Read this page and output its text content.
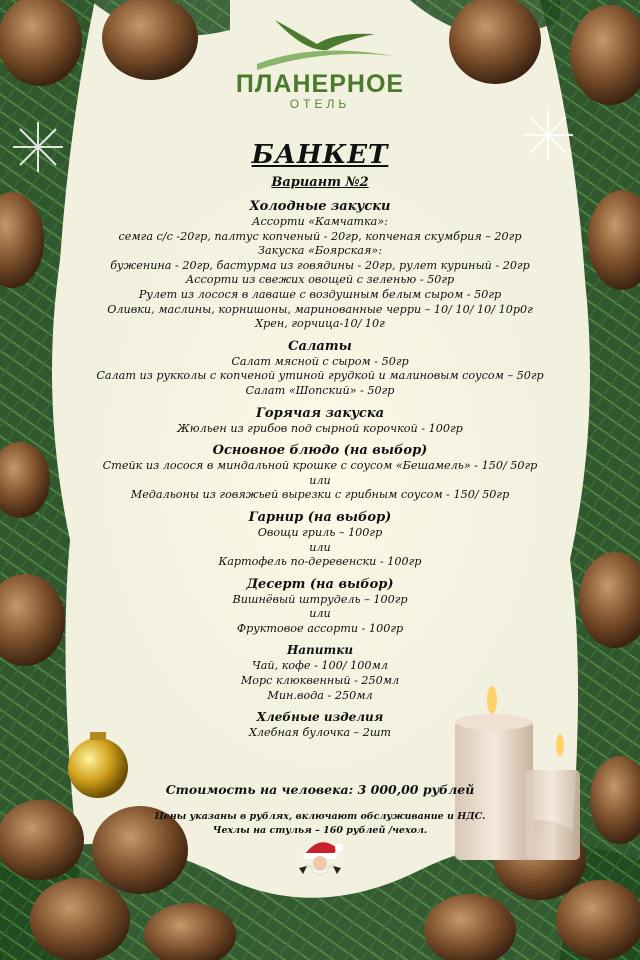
ПЛАНЕРНОЕ
ОТЕЛЬ
БАНКЕТ
Вариант №2
Холодные закуски
Ассорти «Камчатка»:
семга с/с -20гр, палтус копченый - 20гр, копченая скумбрия – 20гр
Закуска «Боярская»:
буженина - 20гр, бастурма из говядины - 20гр, рулет куриный - 20гр
Ассорти из свежих овощей с зеленью - 50гр
Рулет из лосося в лаваше с воздушным белым сыром - 50гр
Оливки, маслины, корнишоны, маринованные черри – 10/ 10/ 10/ 10р0г
Хрен, горчица-10/ 10г
Салаты
Салат мясной с сыром - 50гр
Салат из рукколы с копченой утиной грудкой и малиновым соусом – 50гр
Салат «Шопский» - 50гр
Горячая закуска
Жюльен из грибов под сырной корочкой - 100гр
Основное блюдо (на выбор)
Стейк из лосося в миндальной крошке с соусом «Бешамель» - 150/ 50гр
или
Медальоны из говяжьей вырезки с грибным соусом - 150/ 50гр
Гарнир (на выбор)
Овощи гриль – 100гр
или
Картофель по-деревенски - 100гр
Десерт (на выбор)
Вишнёвый штрудель – 100гр
или
Фруктовое ассорти - 100гр
Напитки
Чай, кофе - 100/ 100мл
Морс клюквенный - 250мл
Мин.вода - 250мл
Хлебные изделия
Хлебная булочка – 2шт
Стоимость на человека: 3 000,00 рублей
Цены указаны в рублях, включают обслуживание и НДС.
Чехлы на стулья – 160 рублей /чехол.
